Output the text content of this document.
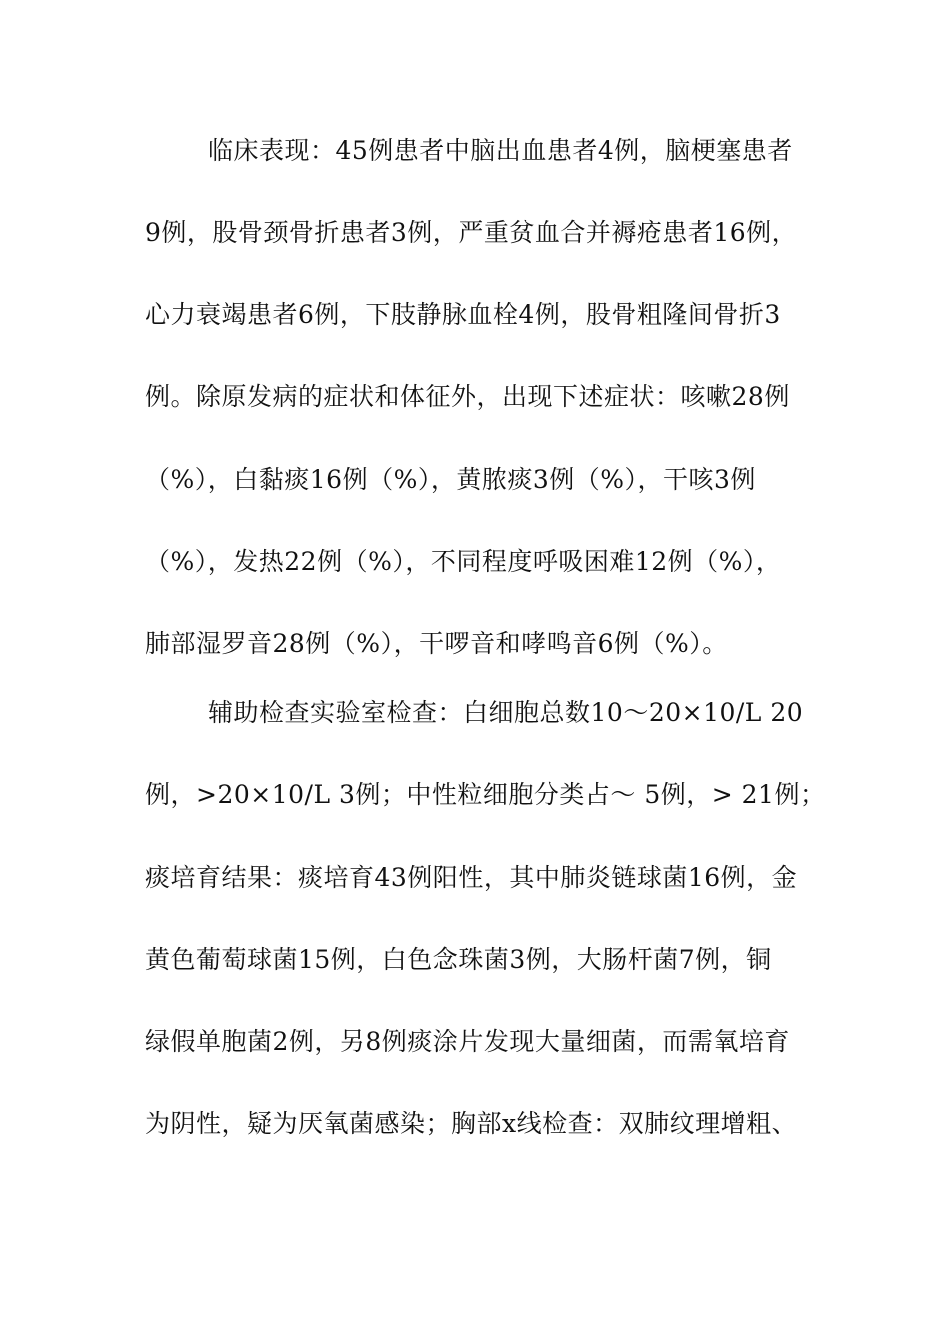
临床表现：45例患者中脑出血患者4例，脑梗塞患者
9例，股骨颈骨折患者3例，严重贫血合并褥疮患者16例，
心力衰竭患者6例，下肢静脉血栓4例，股骨粗隆间骨折3
例。除原发病的症状和体征外，出现下述症状：咳嗽28例
（%），白黏痰16例（%），黄脓痰3例（%），干咳3例
（%），发热22例（%），不同程度呼吸困难12例（%），
肺部湿罗音28例（%），干啰音和哮鸣音6例（%）。
辅助检查实验室检查：白细胞总数10～20×10/L 20
例，>20×10/L 3例；中性粒细胞分类占～ 5例，> 21例；
痰培育结果：痰培育43例阳性，其中肺炎链球菌16例，金
黄色葡萄球菌15例，白色念珠菌3例，大肠杆菌7例，铜
绿假单胞菌2例，另8例痰涂片发现大量细菌，而需氧培育
为阴性，疑为厌氧菌感染；胸部x线检查：双肺纹理增粗、
